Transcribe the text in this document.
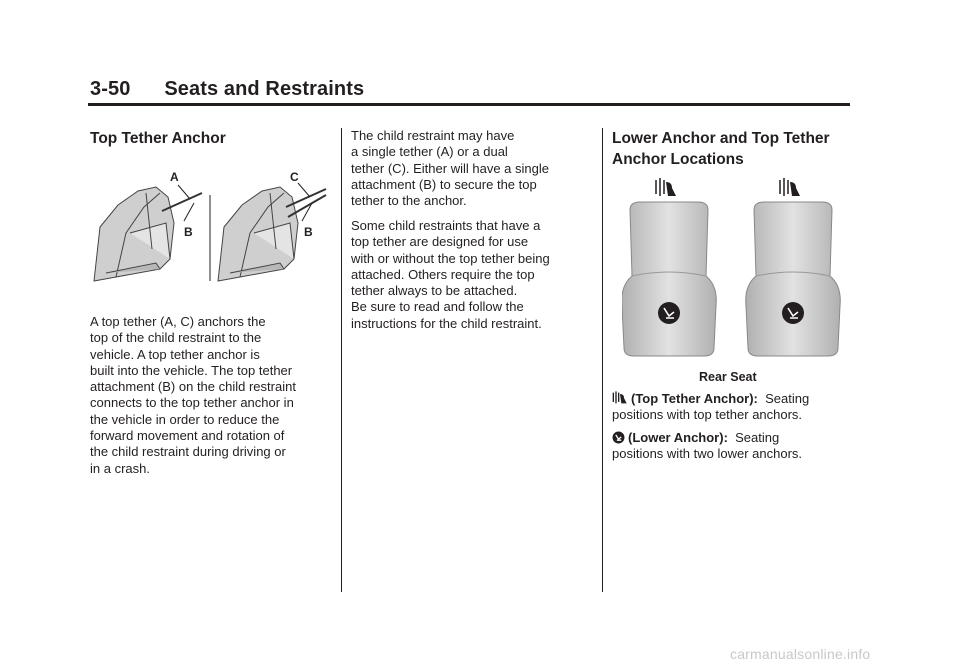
3-50      Seats and Restraints
Top Tether Anchor
A
B
C
B
A top tether (A, C) anchors the
top of the child restraint to the
vehicle. A top tether anchor is
built into the vehicle. The top tether
attachment (B) on the child restraint
connects to the top tether anchor in
the vehicle in order to reduce the
forward movement and rotation of
the child restraint during driving or
in a crash.
The child restraint may have
a single tether (A) or a dual
tether (C). Either will have a single
attachment (B) to secure the top
tether to the anchor.
Some child restraints that have a
top tether are designed for use
with or without the top tether being
attached. Others require the top
tether always to be attached.
Be sure to read and follow the
instructions for the child restraint.
Lower Anchor and Top Tether
Anchor Locations
Rear Seat
(Top Tether Anchor): Seating
positions with top tether anchors.
(Lower Anchor): Seating
positions with two lower anchors.
carmanualsonline.info
